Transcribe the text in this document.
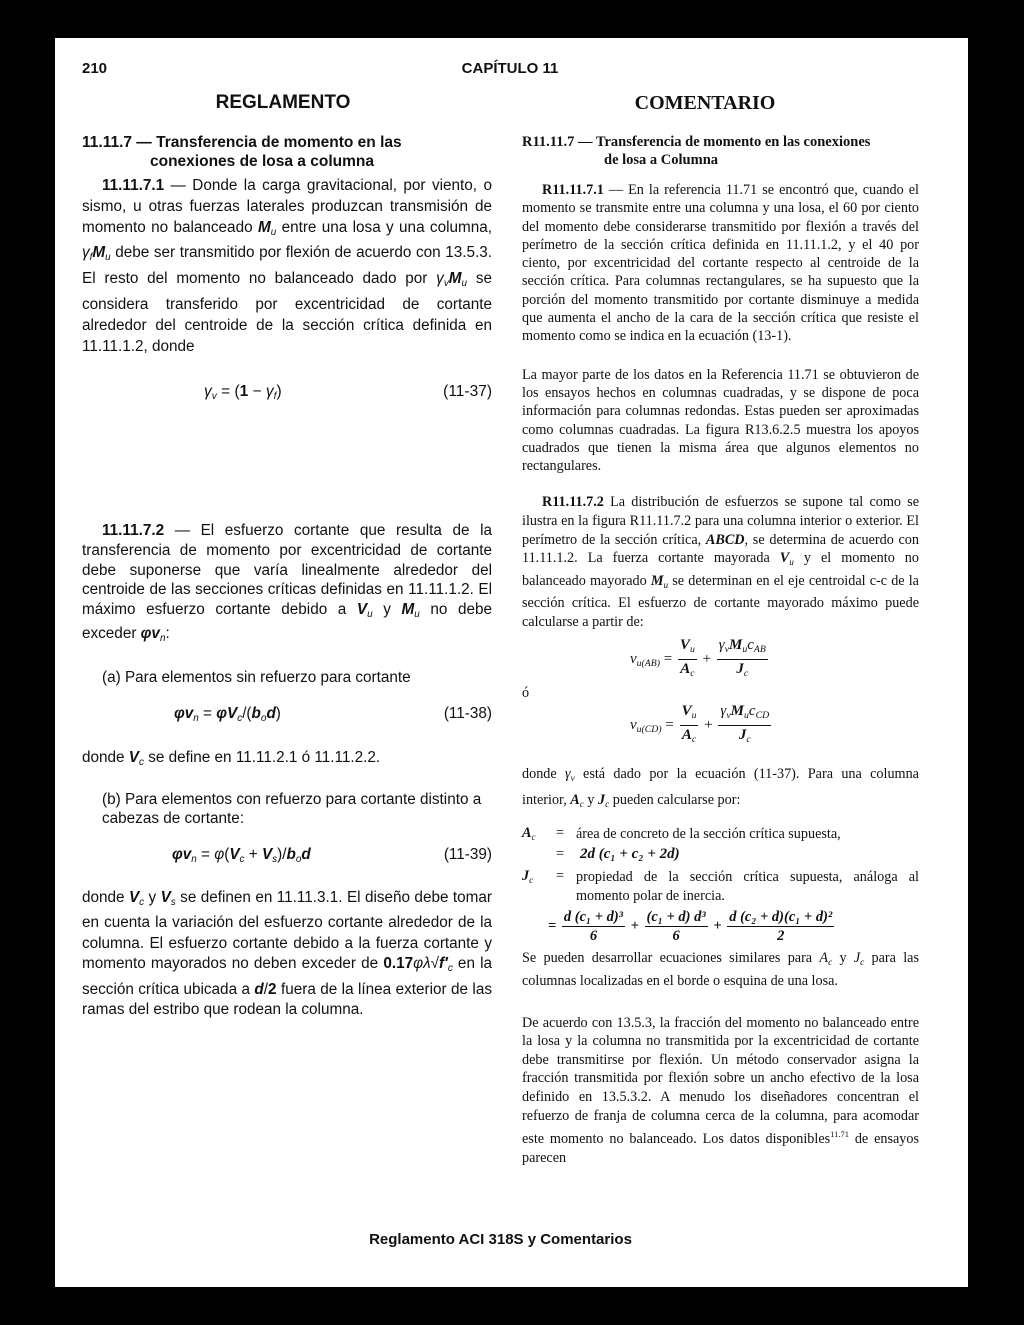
210	CAPÍTULO 11
REGLAMENTO	COMENTARIO
11.11.7 — Transferencia de momento en las
conexiones de losa a columna

11.11.7.1 — Donde la carga gravitacional, por viento, o sismo, u otras fuerzas laterales produzcan transmisión de momento no balanceado $M_u$ entre una losa y una columna, $\gamma_fM_u$ debe ser transmitido por flexión de acuerdo con 13.5.3. El resto del momento no balanceado dado por $\gamma_vM_u$ se considera transferido por excentricidad de cortante alrededor del centroide de la sección crítica definida en 11.11.1.2, donde

$\gamma_v = (1 - \gamma_f)$	(11-37)

11.11.7.2 — El esfuerzo cortante que resulta de la transferencia de momento por excentricidad de cortante debe suponerse que varía linealmente alrededor del centroide de las secciones críticas definidas en 11.11.1.2. El máximo esfuerzo cortante debido a $V_u$ y $M_u$ no debe exceder $\varphi v_n$:

(a) Para elementos sin refuerzo para cortante
$\varphi v_n = \varphi V_c/(b_od)$	(11-38)

donde $V_c$ se define en 11.11.2.1 ó 11.11.2.2.

(b) Para elementos con refuerzo para cortante distinto a cabezas de cortante:
$\varphi v_n = \varphi(V_c + V_s)/b_od$	(11-39)

donde $V_c$ y $V_s$ se definen en 11.11.3.1. El diseño debe tomar en cuenta la variación del esfuerzo cortante alrededor de la columna. El esfuerzo cortante debido a la fuerza cortante y momento mayorados no deben exceder de $0.17\varphi\lambda√f'_c$ en la sección crítica ubicada a d/2 fuera de la línea exterior de las ramas del estribo que rodean la columna.

R11.11.7 — Transferencia de momento en las conexiones
de losa a Columna

R11.11.7.1 — En la referencia 11.71 se encontró que, cuando el momento se transmite entre una columna y una losa, el 60 por ciento del momento debe considerarse transmitido por flexión a través del perímetro de la sección crítica definida en 11.11.1.2, y el 40 por ciento, por excentricidad del cortante respecto al centroide de la sección crítica. Para columnas rectangulares, se ha supuesto que la porción del momento transmitido por cortante disminuye a medida que aumenta el ancho de la cara de la sección crítica que resiste el momento como se indica en la ecuación (13-1).

La mayor parte de los datos en la Referencia 11.71 se obtuvieron de los ensayos hechos en columnas cuadradas, y se dispone de poca información para columnas redondas. Estas pueden ser aproximadas como columnas cuadradas. La figura R13.6.2.5 muestra los apoyos cuadrados que tienen la misma área que algunos elementos no rectangulares.

R11.11.7.2 La distribución de esfuerzos se supone tal como se ilustra en la figura R11.11.7.2 para una columna interior o exterior. El perímetro de la sección crítica, ABCD, se determina de acuerdo con 11.11.1.2. La fuerza cortante mayorada $V_u$ y el momento no balanceado mayorado $M_u$ se determinan en el eje centroidal c-c de la sección crítica. El esfuerzo de cortante mayorado máximo puede calcularse a partir de:

$v_{u(AB)} = \frac{V_u}{A_c} + \frac{\gamma_vM_uc_{AB}}{J_c}$
ó
$v_{u(CD)} = \frac{V_u}{A_c} + \frac{\gamma_vM_uc_{CD}}{J_c}$

donde $\gamma_v$ está dado por la ecuación (11-37). Para una columna interior, $A_c$ y $J_c$ pueden calcularse por:

$A_c$	= área de concreto de la sección crítica supuesta,
=	2d (c₁ + c₂ + 2d)
$J_c$	= propiedad de la sección crítica supuesta, análoga al momento polar de inercia.
= $\frac{\text{d (c₁ + d)³}}{6} + \frac{\text{(c₁ + d) d³}}{6} + \frac{\text{d (c₂ + d)(c₁ + d)²}}{2}$

Se pueden desarrollar ecuaciones similares para $A_c$ y $J_c$ para las columnas localizadas en el borde o esquina de una losa.

De acuerdo con 13.5.3, la fracción del momento no balanceado entre la losa y la columna no transmitida por la excentricidad de cortante debe transmitirse por flexión. Un método conservador asigna la fracción transmitida por flexión sobre un ancho efectivo de la losa definido en 13.5.3.2. A menudo los diseñadores concentran el refuerzo de franja de columna cerca de la columna, para acomodar este momento no balanceado. Los datos disponibles$^{11.71}$ de ensayos parecen

Reglamento ACI 318S y Comentarios
